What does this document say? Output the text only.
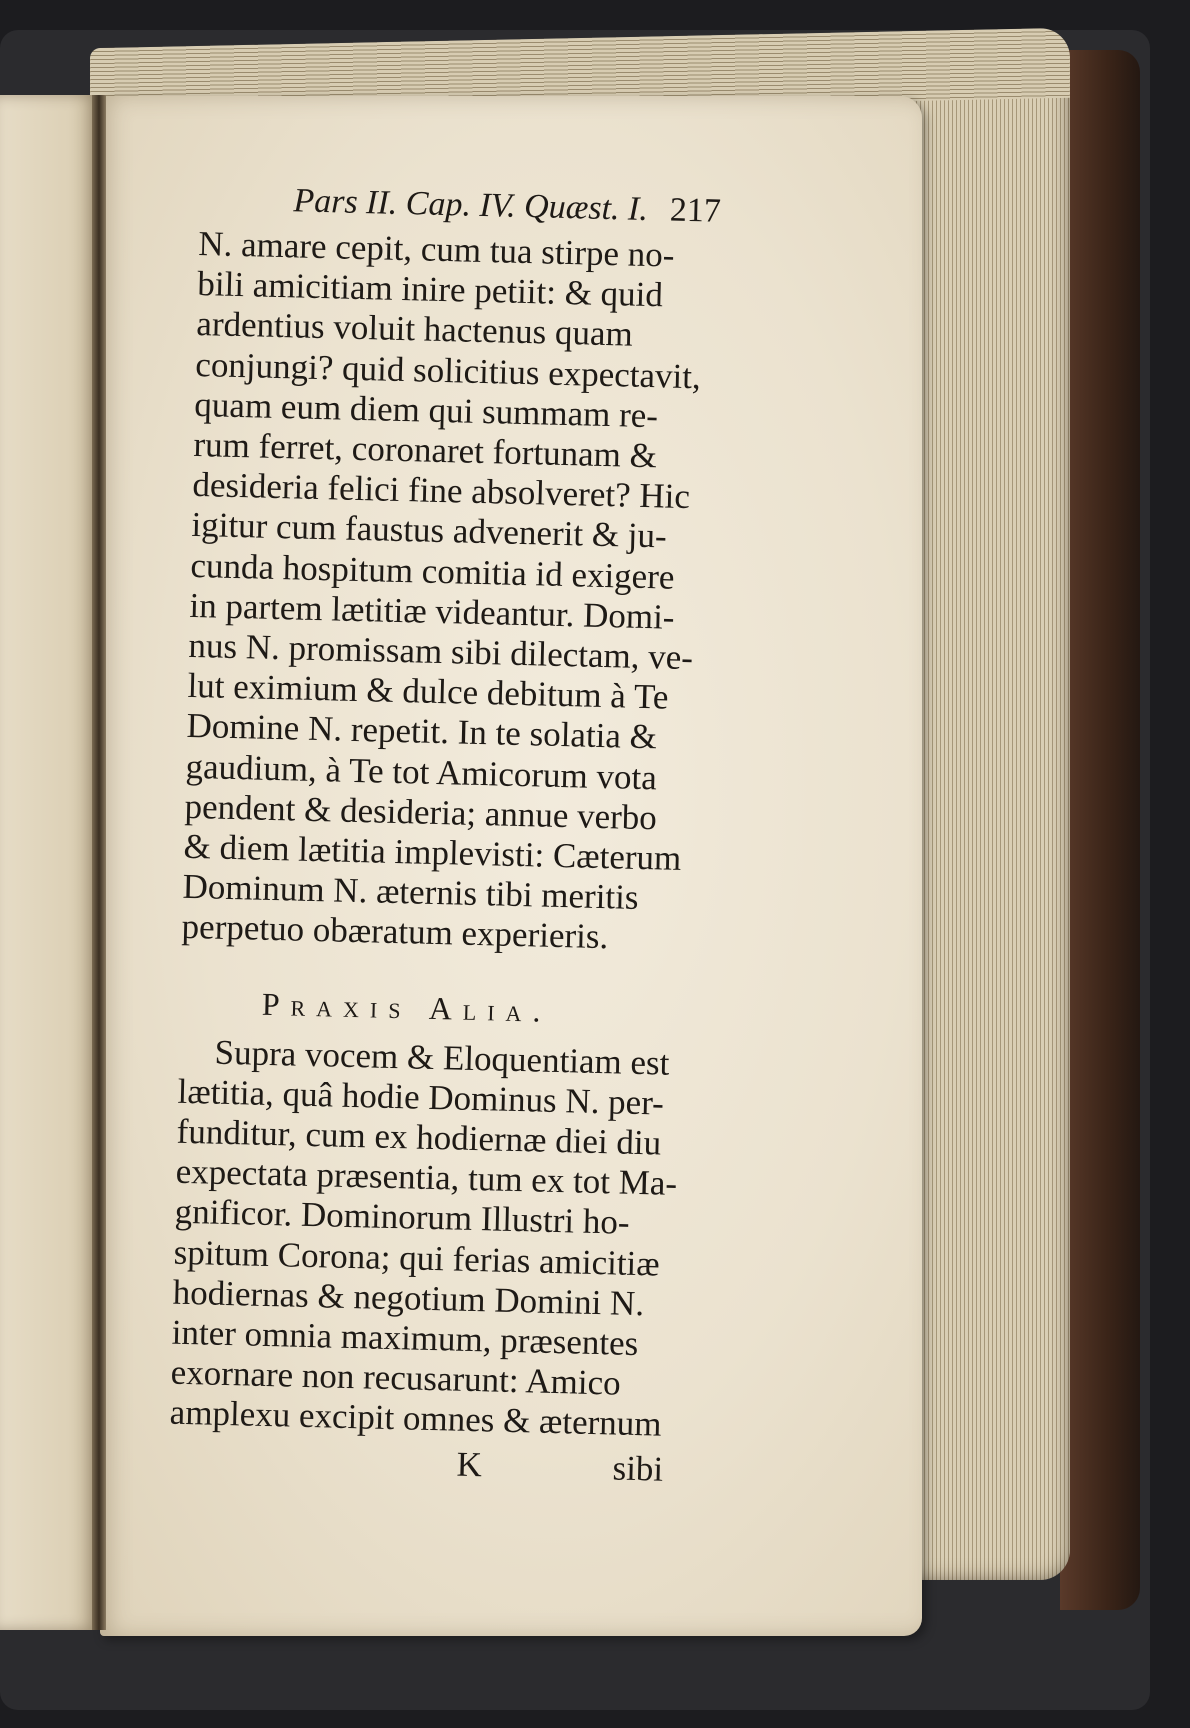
Pars II. Cap. IV. Quæst. I. 217
N. amare cepit, cum tua stirpe no-
bili amicitiam inire petiit: & quid
ardentius voluit hactenus quam
conjungi? quid solicitius expectavit,
quam eum diem qui summam re-
rum ferret, coronaret fortunam &
desideria felici fine absolveret? Hic
igitur cum faustus advenerit & ju-
cunda hospitum comitia id exigere
in partem lætitiæ videantur. Domi-
nus N. promissam sibi dilectam, ve-
lut eximium & dulce debitum à Te
Domine N. repetit. In te solatia &
gaudium, à Te tot Amicorum vota
pendent & desideria; annue verbo
& diem lætitia implevisti: Cæterum
Dominum N. æternis tibi meritis
perpetuo obæratum experieris.
Praxis Alia.
Supra vocem & Eloquentiam est
lætitia, quâ hodie Dominus N. per-
funditur, cum ex hodiernæ diei diu
expectata præsentia, tum ex tot Ma-
gnificor. Dominorum Illustri ho-
spitum Corona; qui ferias amicitiæ
hodiernas & negotium Domini N.
inter omnia maximum, præsentes
exornare non recusarunt: Amico
amplexu excipit omnes & æternum
K	sibi
